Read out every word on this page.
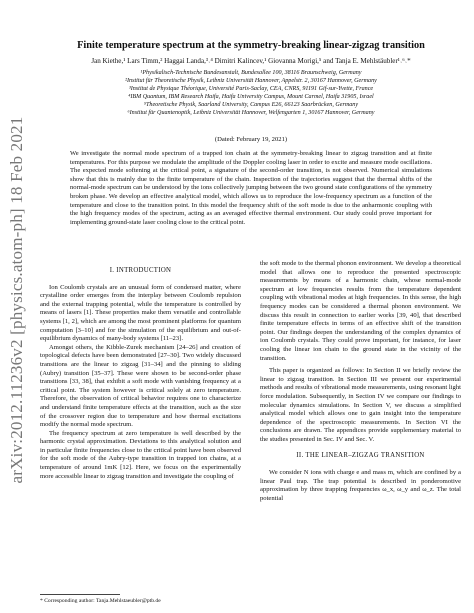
arXiv:2012.11236v2 [physics.atom-ph] 18 Feb 2021
Finite temperature spectrum at the symmetry-breaking linear-zigzag transition
Jan Kiethe,¹ Lars Timm,² Haggai Landa,³˒⁴ Dimitri Kalincev,¹ Giovanna Morigi,⁵ and Tanja E. Mehlstäubler¹˒⁶˒*
¹Physikalisch-Technische Bundesanstalt, Bundesallee 100, 38116 Braunschweig, Germany
²Institut für Theoretische Physik, Leibniz Universität Hannover, Appelstr. 2, 30167 Hannover, Germany
³Institut de Physique Théorique, Université Paris-Saclay, CEA, CNRS, 91191 Gif-sur-Yvette, France
⁴IBM Quantum, IBM Research Haifa, Haifa University Campus, Mount Carmel, Haifa 31905, Israel
⁵Theoretische Physik, Saarland University, Campus E26, 66123 Saarbrücken, Germany
⁶Institut für Quantenoptik, Leibniz Universität Hannover, Welfengarten 1, 30167 Hannover, Germany
(Dated: February 19, 2021)
We investigate the normal mode spectrum of a trapped ion chain at the symmetry-breaking linear to zigzag transition and at finite temperatures. For this purpose we modulate the amplitude of the Doppler cooling laser in order to excite and measure mode oscillations. The expected mode softening at the critical point, a signature of the second-order transition, is not observed. Numerical simulations show that this is mainly due to the finite temperature of the chain. Inspection of the trajectories suggest that the thermal shifts of the normal-mode spectrum can be understood by the ions collectively jumping between the two ground state configurations of the symmetry broken phase. We develop an effective analytical model, which allows us to reproduce the low-frequency spectrum as a function of the temperature and close to the transition point. In this model the frequency shift of the soft mode is due to the anharmonic coupling with the high frequency modes of the spectrum, acting as an averaged effective thermal environment. Our study could prove important for implementing ground-state laser cooling close to the critical point.
I. INTRODUCTION

Ion Coulomb crystals are an unusual form of condensed matter, where crystalline order emerges from the interplay between Coulomb repulsion and the external trapping potential, while the temperature is controlled by means of lasers [1]. These properties make them versatile and controllable systems [1, 2], which are among the most prominent platforms for quantum computation [3–10] and for the simulation of the equilibrium and out-of-equilibrium dynamics of many-body systems [11–23].

Amongst others, the Kibble-Zurek mechanism [24–26] and creation of topological defects have been demonstrated [27–30]. Two widely discussed transitions are the linear to zigzag [31–34] and the pinning to sliding (Aubry) transition [35–37]. These were shown to be second-order phase transitions [33, 38], that exhibit a soft mode with vanishing frequency at a critical point. The system however is critical solely at zero temperature. Therefore, the observation of critical behavior requires one to characterize and understand finite temperature effects at the transition, such as the size of the crossover region due to temperature and how thermal excitations modify the normal mode spectrum.

The frequency spectrum at zero temperature is well described by the harmonic crystal approximation. Deviations to this analytical solution and in particular finite frequencies close to the critical point have been observed for the soft mode of the Aubry-type transition in trapped ion chains, at a temperature of around 1mK [12]. Here, we focus on the experimentally more accessible linear to zigzag transition and investigate the coupling of

the soft mode to the thermal phonon environment. We develop a theoretical model that allows one to reproduce the presented spectroscopic measurements by means of a harmonic chain, whose normal-mode spectrum at low frequencies results from the temperature dependent coupling with vibrational modes at high frequencies. In this sense, the high frequency modes can be considered a thermal phonon environment. We discuss this result in connection to earlier works [39, 40], that described finite temperature effects in terms of an effective shift of the transition point. Our findings deepen the understanding of the complex dynamics of ion Coulomb crystals. They could prove important, for instance, for laser cooling the linear ion chain to the ground state in the vicinity of the transition.

This paper is organized as follows: In Section II we briefly review the linear to zigzag transition. In Section III we present our experimental methods and results of vibrational mode measurements, using resonant light force modulation. Subsequently, in Section IV we compare our findings to molecular dynamics simulations. In Section V, we discuss a simplified analytical model which allows one to gain insight into the temperature dependence of the spectroscopic measurements. In Section VI the conclusions are drawn. The appendices provide supplementary material to the studies presented in Sec. IV and Sec. V.

II. THE LINEAR–ZIGZAG TRANSITION

We consider N ions with charge e and mass m, which are confined by a linear Paul trap. The trap potential is described in ponderomotive approximation by three trapping frequencies ω_x, ω_y and ω_z. The total potential

* Corresponding author: Tanja.Mehlstaeubler@ptb.de
